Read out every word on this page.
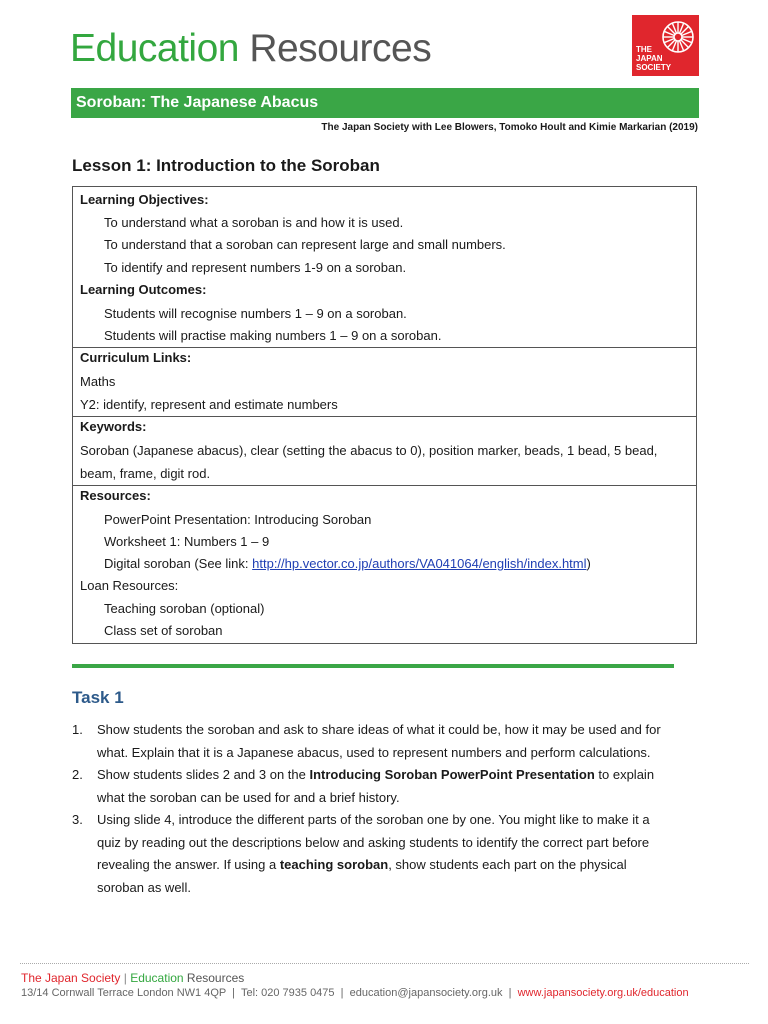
Education Resources	THE
JAPAN
SOCIETY
Soroban: The Japanese Abacus
The Japan Society with Lee Blowers, Tomoko Hoult and Kimie Markarian (2019)
Lesson 1: Introduction to the Soroban
Learning Objectives:
To understand what a soroban is and how it is used.
To understand that a soroban can represent large and small numbers.
To identify and represent numbers 1-9 on a soroban.
Learning Outcomes:
Students will recognise numbers 1 – 9 on a soroban.
Students will practise making numbers 1 – 9 on a soroban.
Curriculum Links:
Maths
Y2: identify, represent and estimate numbers
Keywords:
Soroban (Japanese abacus), clear (setting the abacus to 0), position marker, beads, 1 bead, 5 bead,
beam, frame, digit rod.
Resources:
PowerPoint Presentation: Introducing Soroban
Worksheet 1: Numbers 1 – 9
Digital soroban (See link: http://hp.vector.co.jp/authors/VA041064/english/index.html)
Loan Resources:
Teaching soroban (optional)
Class set of soroban
Task 1
1. Show students the soroban and ask to share ideas of what it could be, how it may be used and for
what. Explain that it is a Japanese abacus, used to represent numbers and perform calculations.
2. Show students slides 2 and 3 on the Introducing Soroban PowerPoint Presentation to explain
what the soroban can be used for and a brief history.
3. Using slide 4, introduce the different parts of the soroban one by one. You might like to make it a
quiz by reading out the descriptions below and asking students to identify the correct part before
revealing the answer. If using a teaching soroban, show students each part on the physical
soroban as well.
The Japan Society | Education Resources
13/14 Cornwall Terrace London NW1 4QP  |  Tel: 020 7935 0475  |  education@japansociety.org.uk  |  www.japansociety.org.uk/education
